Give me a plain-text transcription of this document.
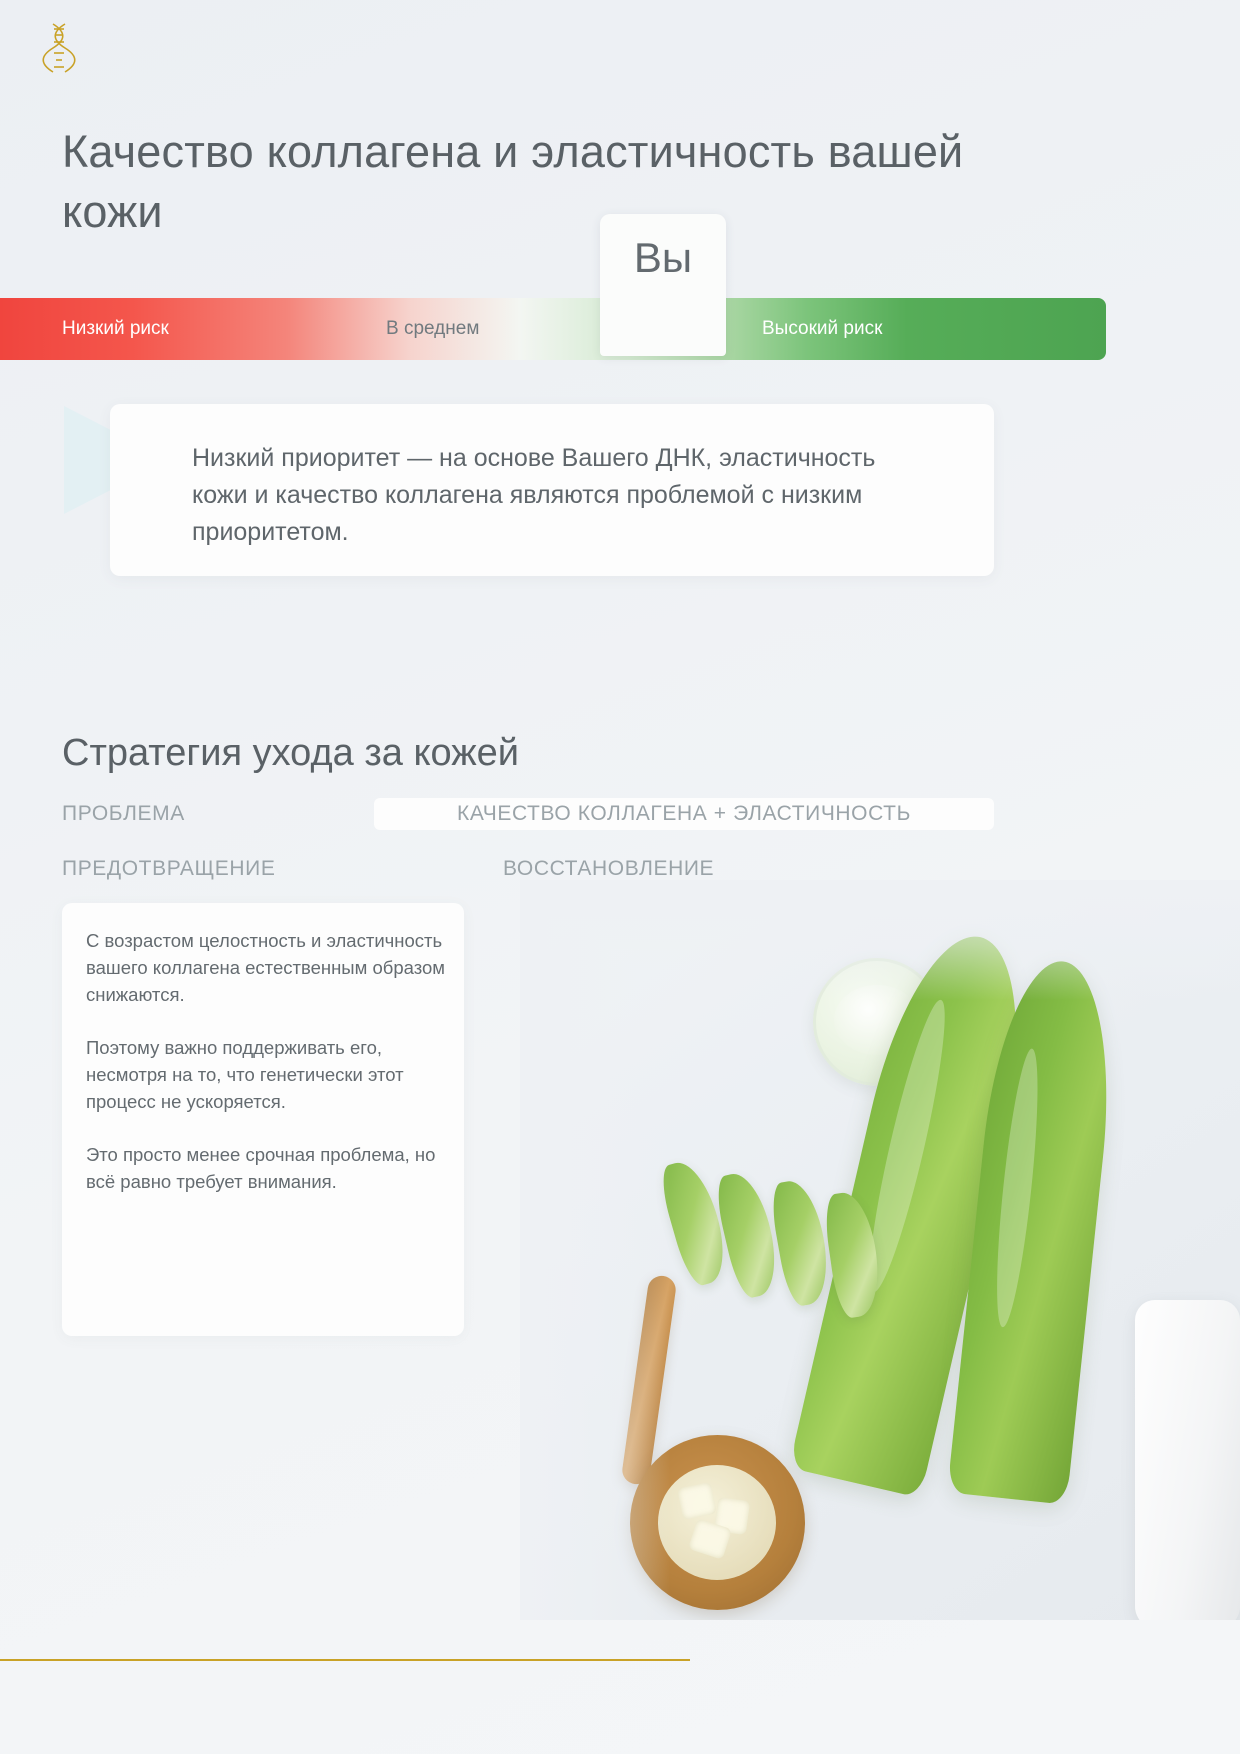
Качество коллагена и эластичность вашей кожи
Высокий риск
В среднем
Низкий риск
Вы
Низкий приоритет — на основе Вашего ДНК, эластичность кожи и качество коллагена являются проблемой с низким приоритетом.
Стратегия ухода за кожей
ПРОБЛЕМА	КАЧЕСТВО КОЛЛАГЕНА + ЭЛАСТИЧНОСТЬ
ПРЕДОТВРАЩЕНИЕ	ВОССТАНОВЛЕНИЕ

С возрастом целостность и эластичность вашего коллагена естественным образом снижаются.

Поэтому важно поддерживать его, несмотря на то, что генетически этот процесс не ускоряется.

Это просто менее срочная проблема, но всё равно требует внимания.
